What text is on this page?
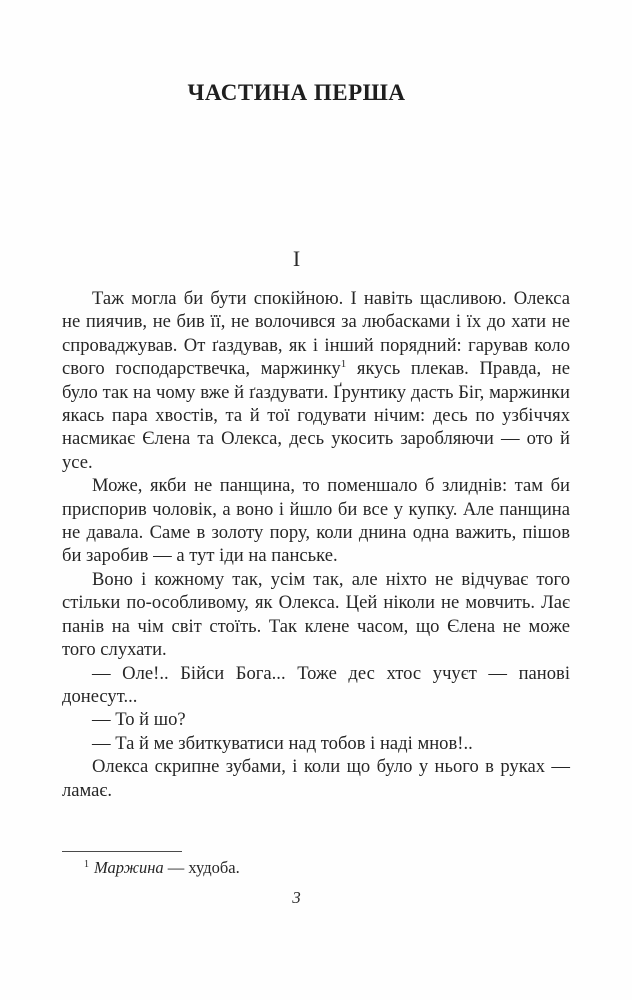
ЧАСТИНА ПЕРША
I

Таж могла би бути спокійною. І навіть щасливою. Олекса не пиячив, не бив її, не волочився за любасками і їх до хати не спроваджував. От ґаздував, як і інший порядний: гарував коло свого господарствечка, маржинку$^1$ якусь плекав. Правда, не було так на чому вже й ґаздувати. Ґрунтику дасть Біг, маржинки якась пара хвостів, та й тої годувати нічим: десь по узбіччях насмикає Єлена та Олекса, десь укосить заробляючи — ото й усе.

Може, якби не панщина, то поменшало б злиднів: там би приспорив чоловік, а воно і йшло би все у купку. Але панщина не давала. Саме в золоту пору, коли днина одна важить, пішов би заробив — а тут іди на панське.

Воно і кожному так, усім так, але ніхто не відчуває того стільки по-особливому, як Олекса. Цей ніколи не мовчить. Лає панів на чім світ стоїть. Так клене часом, що Єлена не може того слухати.

— Оле!.. Бійси Бога... Тоже дес хтос учуєт — панові донесут...

— То й шо?

— Та й ме збиткуватиси над тобов і наді мнов!..

Олекса скрипне зубами, і коли що було у нього в руках — ламає.

$^1$ Маржина — худоба.

3
